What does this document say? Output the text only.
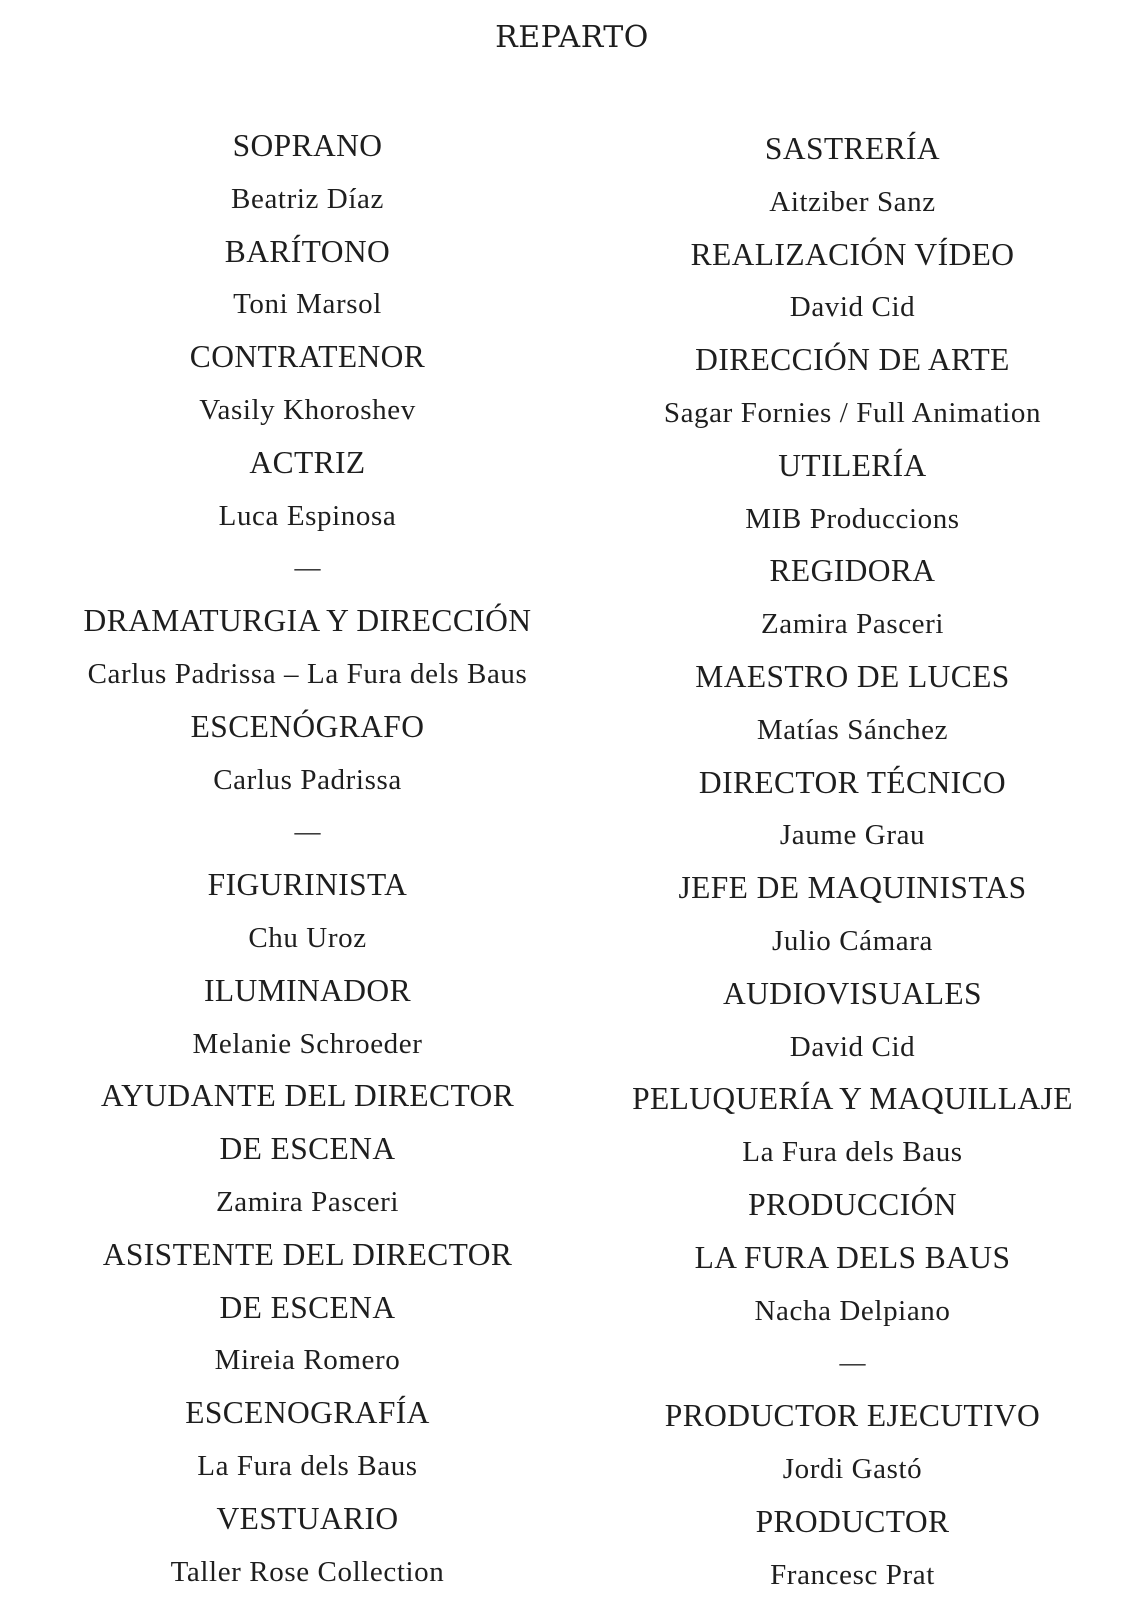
REPARTO
SOPRANO
Beatriz Díaz
BARÍTONO
Toni Marsol
CONTRATENOR
Vasily Khoroshev
ACTRIZ
Luca Espinosa
—
DRAMATURGIA Y DIRECCIÓN
Carlus Padrissa – La Fura dels Baus
ESCENÓGRAFO
Carlus Padrissa
—
FIGURINISTA
Chu Uroz
ILUMINADOR
Melanie Schroeder
AYUDANTE DEL DIRECTOR
DE ESCENA
Zamira Pasceri
ASISTENTE DEL DIRECTOR
DE ESCENA
Mireia Romero
ESCENOGRAFÍA
La Fura dels Baus
VESTUARIO
Taller Rose Collection
SASTRERÍA
Aitziber Sanz
REALIZACIÓN VÍDEO
David Cid
DIRECCIÓN DE ARTE
Sagar Fornies / Full Animation
UTILERÍA
MIB Produccions
REGIDORA
Zamira Pasceri
MAESTRO DE LUCES
Matías Sánchez
DIRECTOR TÉCNICO
Jaume Grau
JEFE DE MAQUINISTAS
Julio Cámara
AUDIOVISUALES
David Cid
PELUQUERÍA Y MAQUILLAJE
La Fura dels Baus
PRODUCCIÓN
LA FURA DELS BAUS
Nacha Delpiano
—
PRODUCTOR EJECUTIVO
Jordi Gastó
PRODUCTOR
Francesc Prat
